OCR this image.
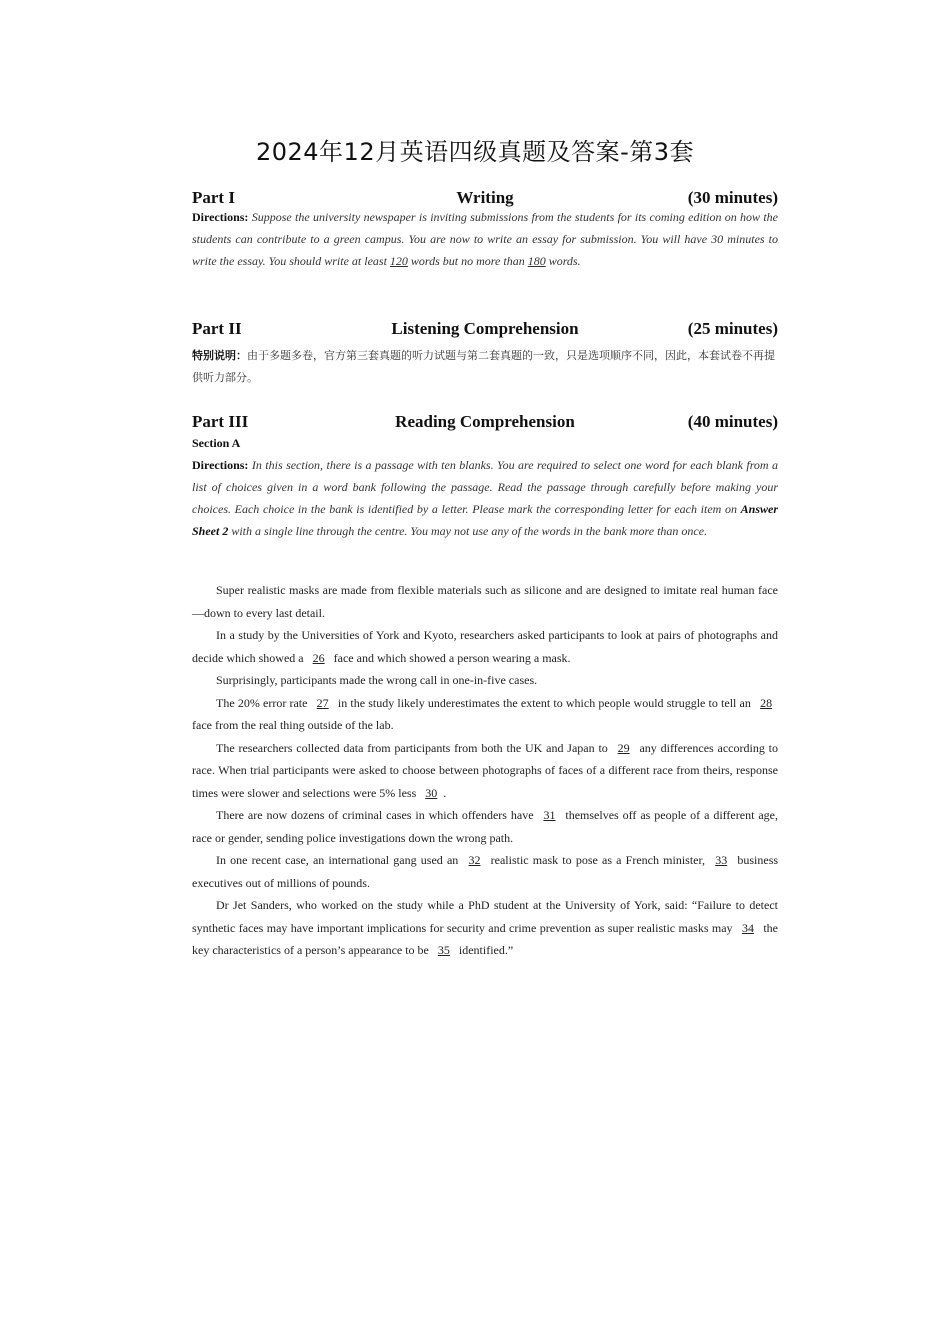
2024年12月英语四级真题及答案-第3套
Part I	Writing	(30 minutes)
Directions: Suppose the university newspaper is inviting submissions from the students for its coming edition on how the students can contribute to a green campus. You are now to write an essay for submission. You will have 30 minutes to write the essay. You should write at least 120 words but no more than 180 words.
Part II	Listening Comprehension	(25 minutes)
特别说明：由于多题多卷，官方第三套真题的听力试题与第二套真题的一致，只是选项顺序不同，因此，本套试卷不再提供听力部分。
Part III	Reading Comprehension	(40 minutes)
Section A
Directions: In this section, there is a passage with ten blanks. You are required to select one word for each blank from a list of choices given in a word bank following the passage. Read the passage through carefully before making your choices. Each choice in the bank is identified by a letter. Please mark the corresponding letter for each item on Answer Sheet 2 with a single line through the centre. You may not use any of the words in the bank more than once.

Super realistic masks are made from flexible materials such as silicone and are designed to imitate real human face—down to every last detail.

In a study by the Universities of York and Kyoto, researchers asked participants to look at pairs of photographs and decide which showed a 26 face and which showed a person wearing a mask.

Surprisingly, participants made the wrong call in one-in-five cases.

The 20% error rate 27 in the study likely underestimates the extent to which people would struggle to tell an 28 face from the real thing outside of the lab.

The researchers collected data from participants from both the UK and Japan to 29 any differences according to race. When trial participants were asked to choose between photographs of faces of a different race from theirs, response times were slower and selections were 5% less 30 .

There are now dozens of criminal cases in which offenders have 31 themselves off as people of a different age, race or gender, sending police investigations down the wrong path.

In one recent case, an international gang used an 32 realistic mask to pose as a French minister, 33 business executives out of millions of pounds.

Dr Jet Sanders, who worked on the study while a PhD student at the University of York, said: “Failure to detect synthetic faces may have important implications for security and crime prevention as super realistic masks may 34 the key characteristics of a person’s appearance to be 35 identified.”
